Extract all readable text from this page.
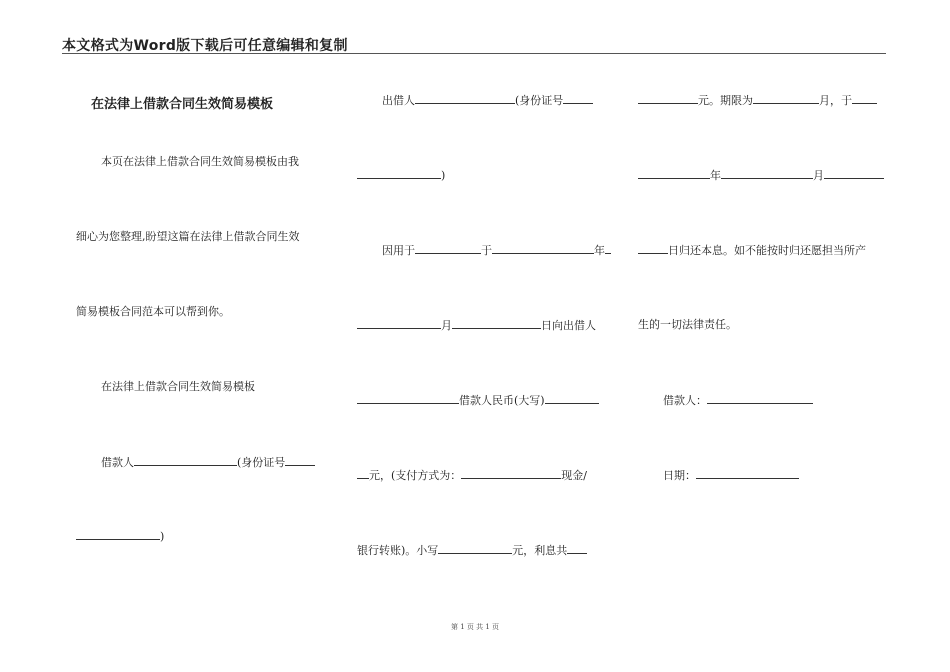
本文格式为Word版下载后可任意编辑和复制
在法律上借款合同生效简易模板
本页在法律上借款合同生效简易模板由我
细心为您整理,盼望这篇在法律上借款合同生效
简易模板合同范本可以帮到你。
在法律上借款合同生效简易模板
借款人	(身份证号
)
出借人	(身份证号
)
因用于	于	年
月	日向出借人
借款人民币(大写)
元，(支付方式为：	现金/
银行转账)。小写	元，利息共
元。期限为	月，于
年	月
日归还本息。如不能按时归还愿担当所产
生的一切法律责任。
借款人：
日期：
第 1 页 共 1 页
